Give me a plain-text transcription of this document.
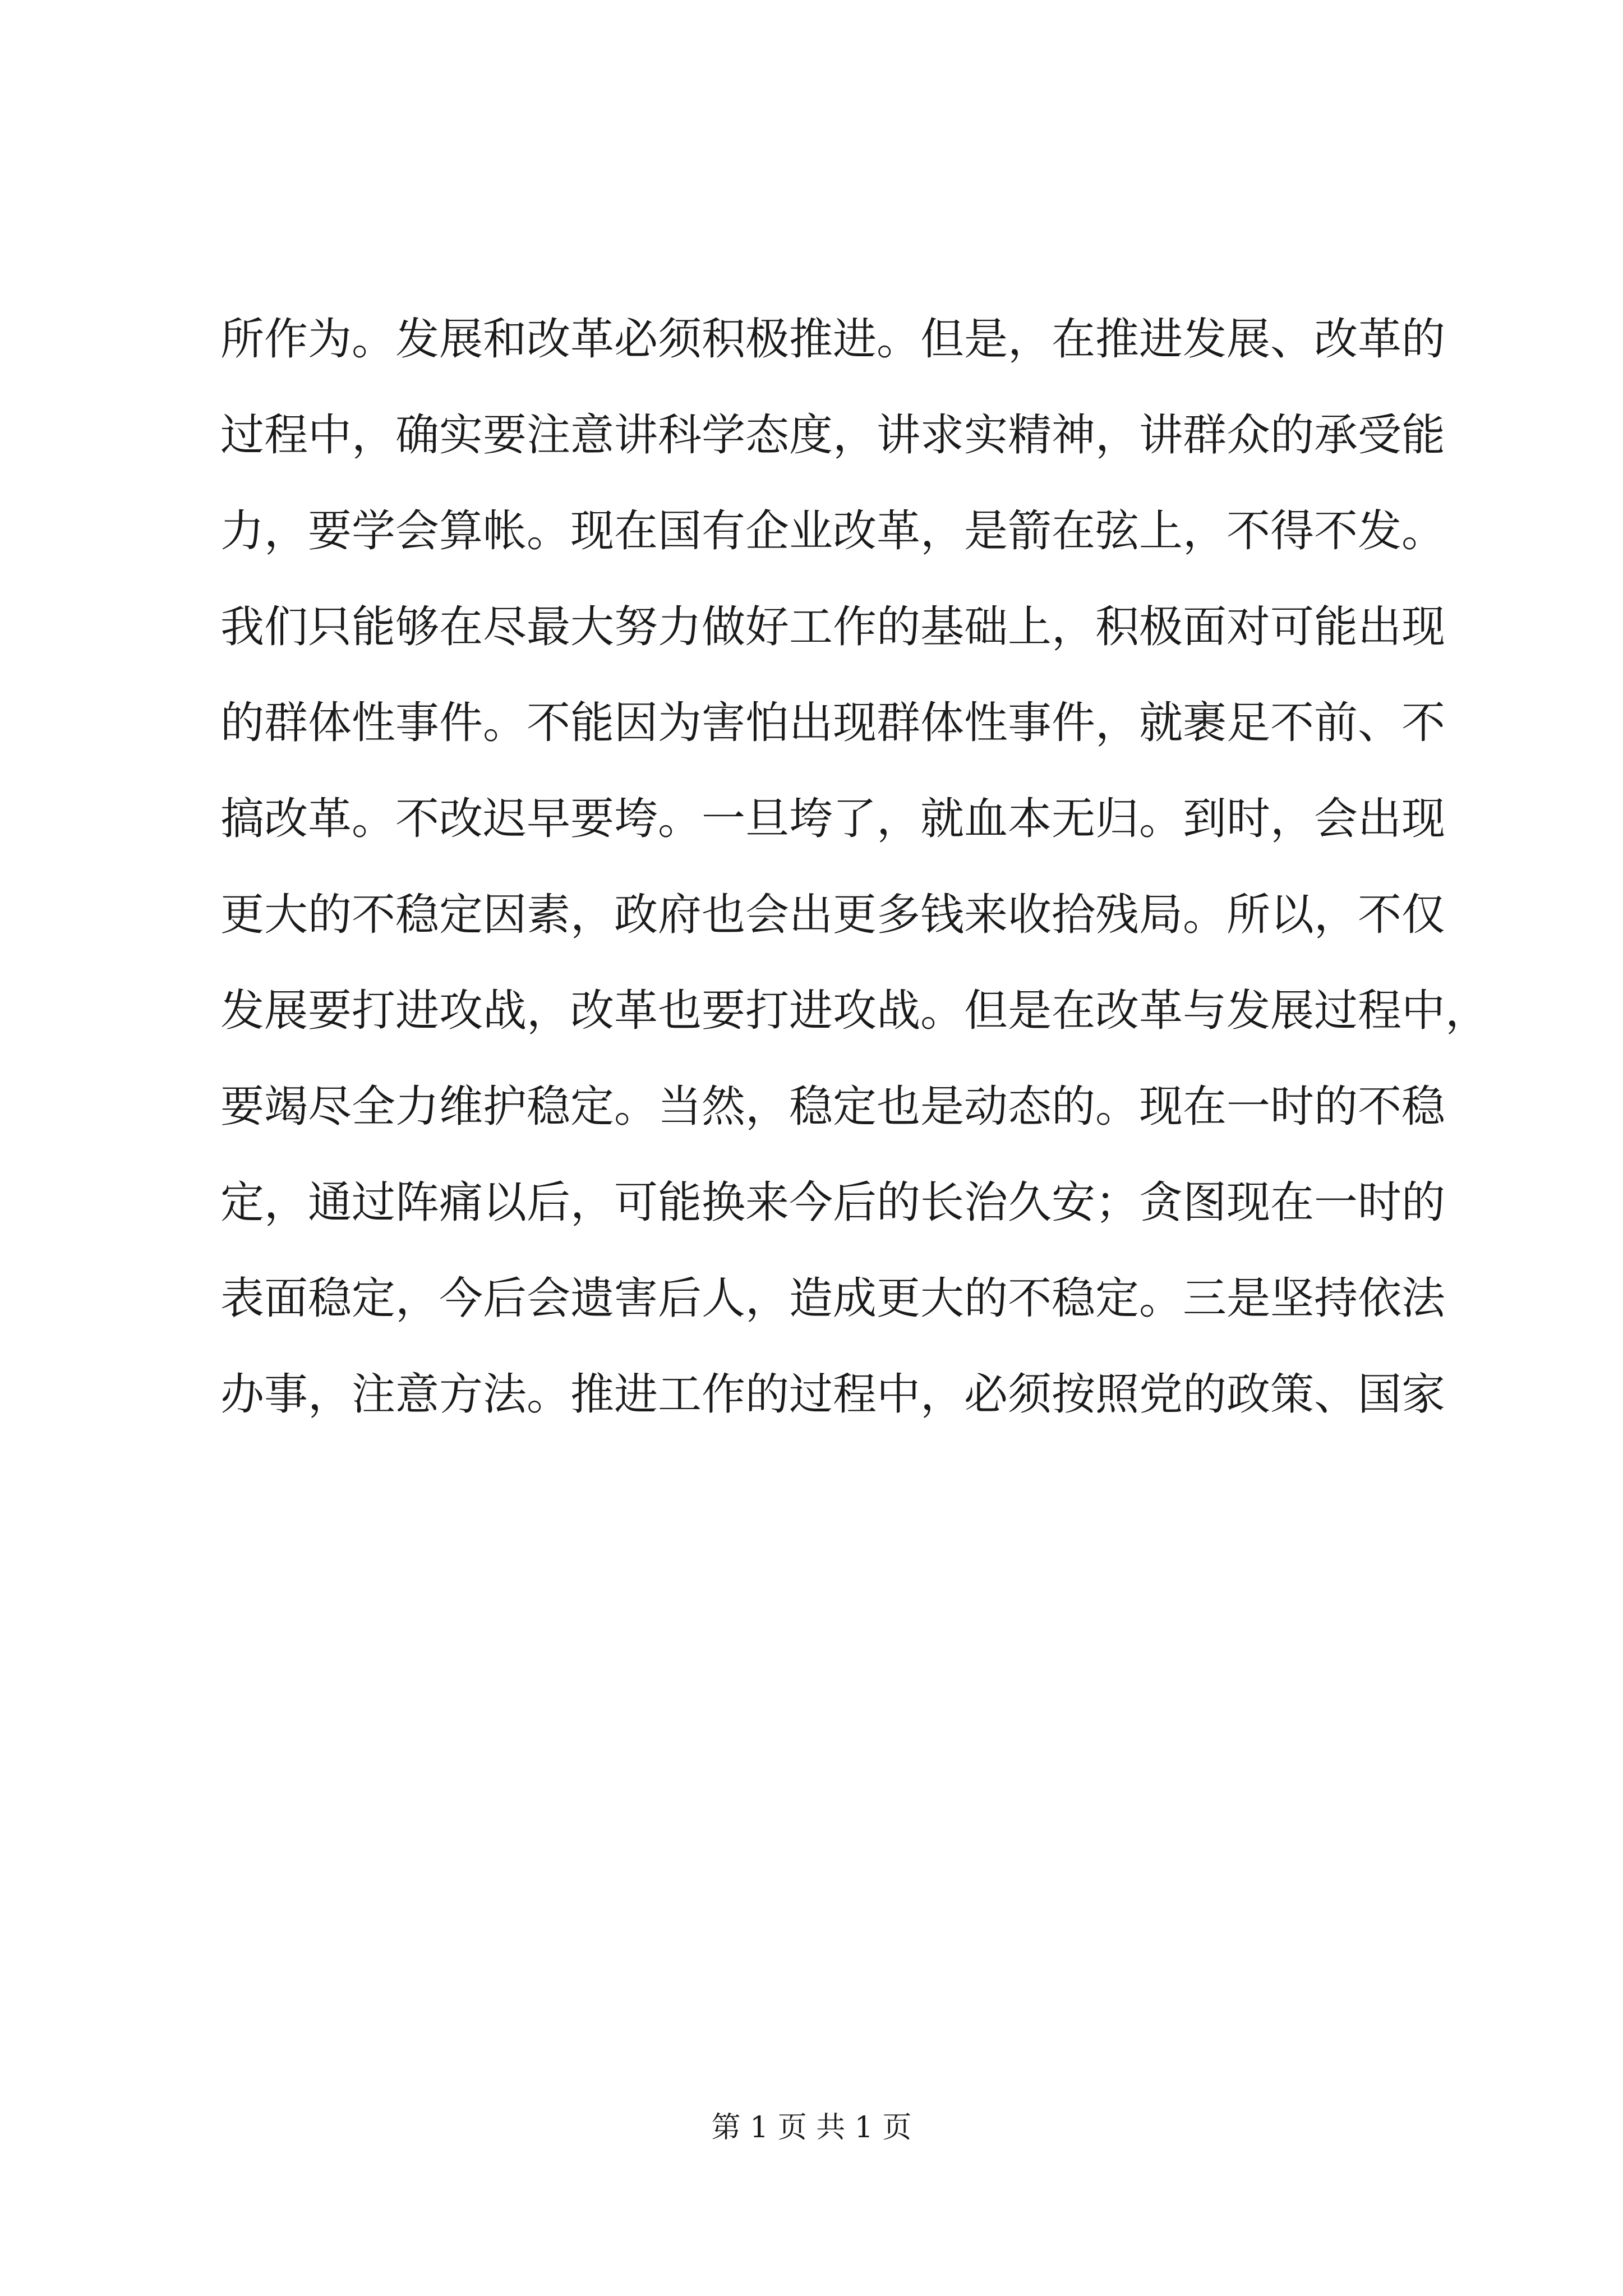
所作为。发展和改革必须积极推进。但是，在推进发展、改革的
过程中，确实要注意讲科学态度，讲求实精神，讲群众的承受能
力，要学会算帐。现在国有企业改革，是箭在弦上，不得不发。
我们只能够在尽最大努力做好工作的基础上，积极面对可能出现
的群体性事件。不能因为害怕出现群体性事件，就裹足不前、不
搞改革。不改迟早要垮。一旦垮了，就血本无归。到时，会出现
更大的不稳定因素，政府也会出更多钱来收拾残局。所以，不仅
发展要打进攻战，改革也要打进攻战。但是在改革与发展过程中，
要竭尽全力维护稳定。当然，稳定也是动态的。现在一时的不稳
定，通过阵痛以后，可能换来今后的长治久安；贪图现在一时的
表面稳定，今后会遗害后人，造成更大的不稳定。三是坚持依法
办事，注意方法。推进工作的过程中，必须按照党的政策、国家
第 1 页 共 1 页
